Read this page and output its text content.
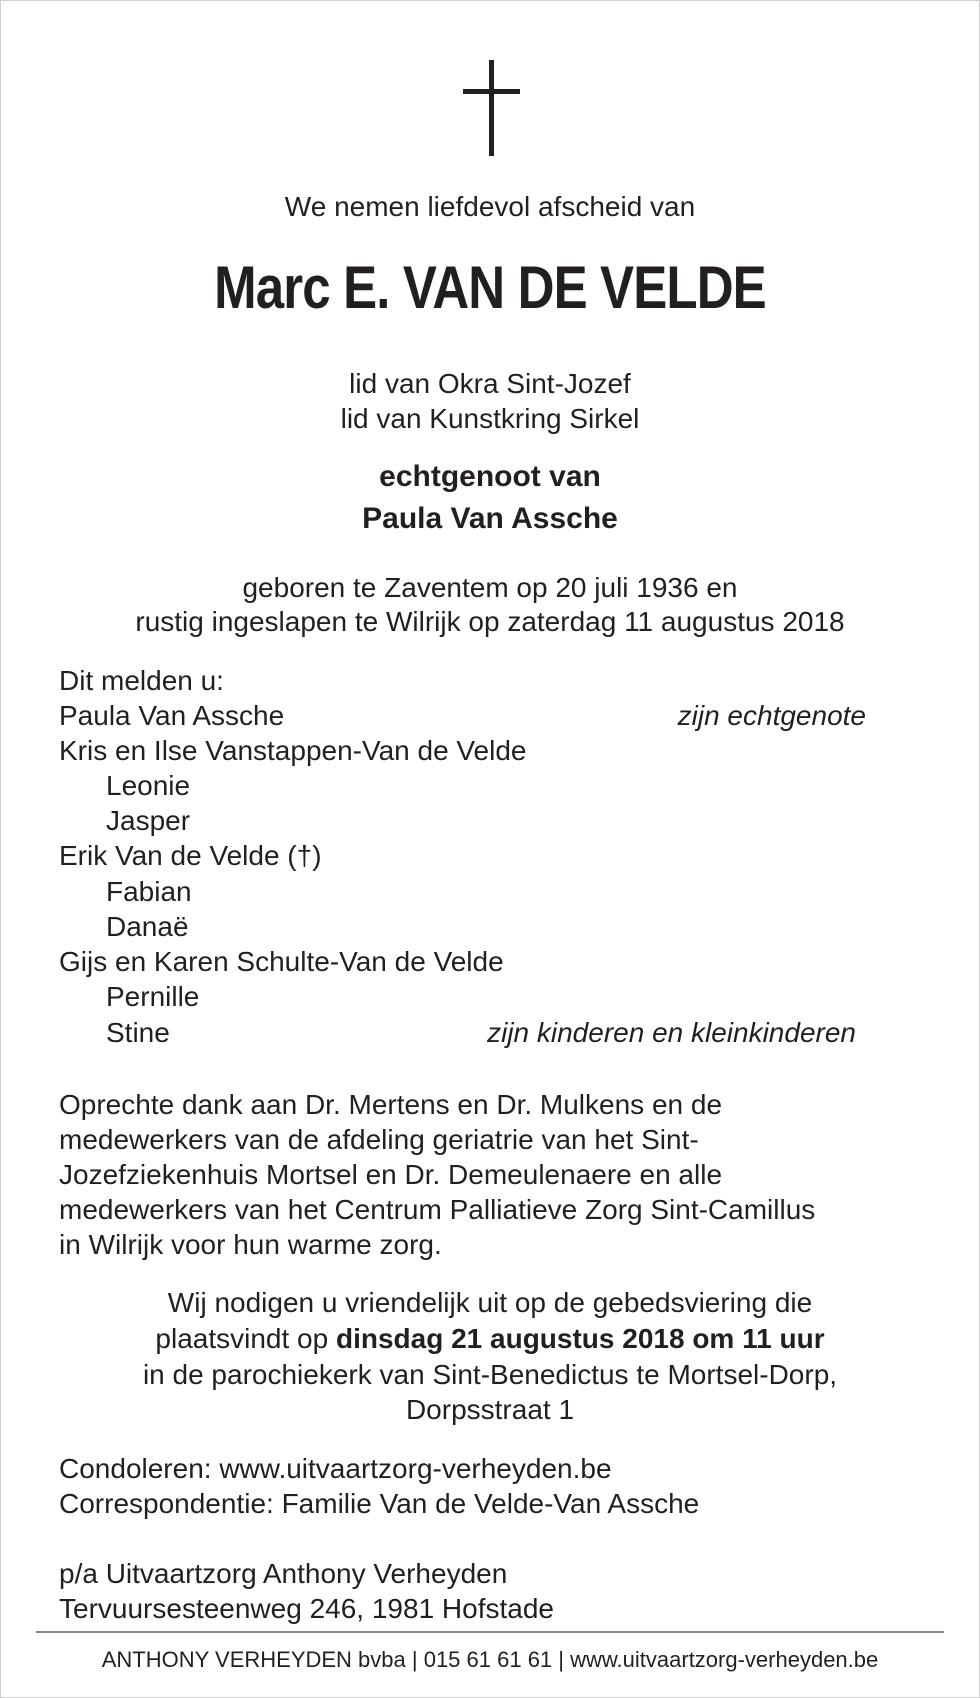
We nemen liefdevol afscheid van
Marc E. VAN DE VELDE
lid van Okra Sint-Jozef
lid van Kunstkring Sirkel
echtgenoot van
Paula Van Assche
geboren te Zaventem op 20 juli 1936 en
rustig ingeslapen te Wilrijk op zaterdag 11 augustus 2018
Dit melden u:
Paula Van Assche	zijn echtgenote
Kris en Ilse Vanstappen-Van de Velde
Leonie
Jasper
Erik Van de Velde (†)
Fabian
Danaë
Gijs en Karen Schulte-Van de Velde
Pernille
Stine	zijn kinderen en kleinkinderen
Oprechte dank aan Dr. Mertens en Dr. Mulkens en de
medewerkers van de afdeling geriatrie van het Sint-
Jozefziekenhuis Mortsel en Dr. Demeulenaere en alle
medewerkers van het Centrum Palliatieve Zorg Sint-Camillus
in Wilrijk voor hun warme zorg.
Wij nodigen u vriendelijk uit op de gebedsviering die
plaatsvindt op dinsdag 21 augustus 2018 om 11 uur
in de parochiekerk van Sint-Benedictus te Mortsel-Dorp,
Dorpsstraat 1
Condoleren: www.uitvaartzorg-verheyden.be
Correspondentie: Familie Van de Velde-Van Assche
p/a Uitvaartzorg Anthony Verheyden
Tervuursesteenweg 246, 1981 Hofstade
ANTHONY VERHEYDEN bvba | 015 61 61 61 | www.uitvaartzorg-verheyden.be
